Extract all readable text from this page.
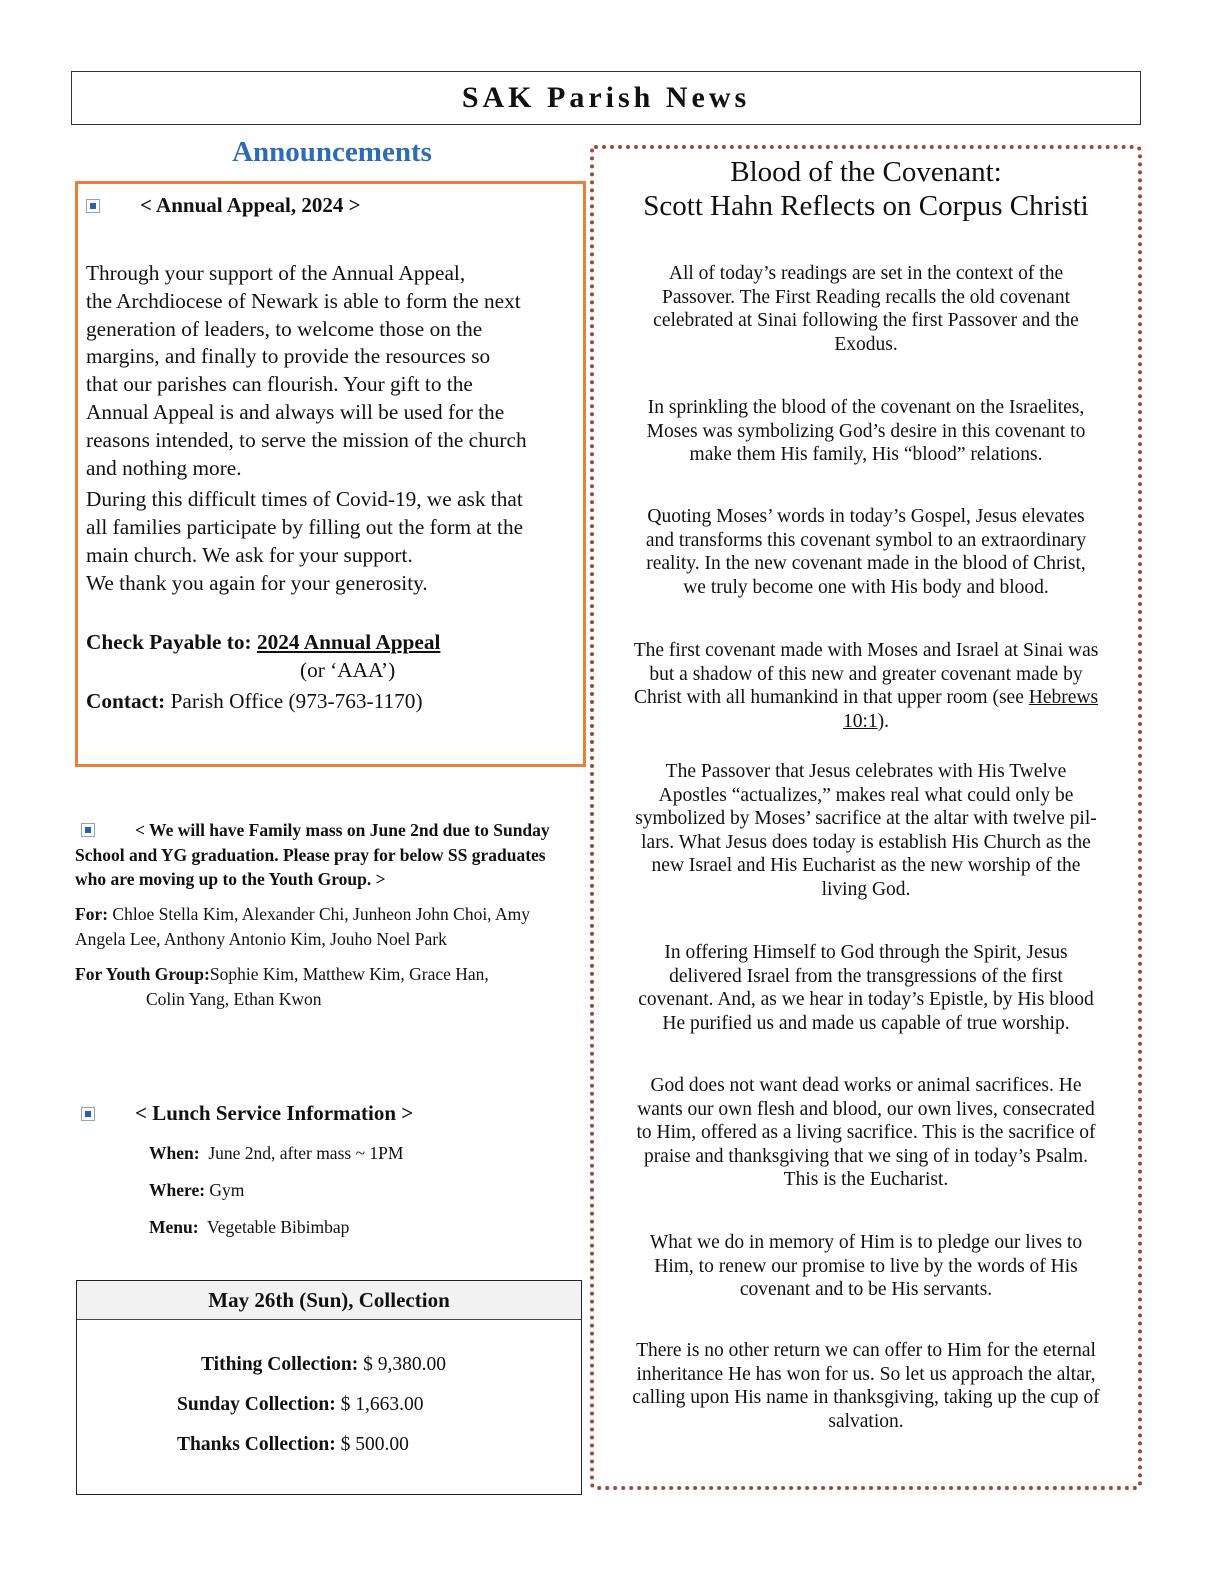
SAK Parish News
Announcements
< Annual Appeal, 2024 >

Through your support of the Annual Appeal,
the Archdiocese of Newark is able to form the next
generation of leaders, to welcome those on the
margins, and finally to provide the resources so
that our parishes can flourish. Your gift to the
Annual Appeal is and always will be used for the
reasons intended, to serve the mission of the church
and nothing more.

During this difficult times of Covid-19, we ask that
all families participate by filling out the form at the
main church. We ask for your support.
We thank you again for your generosity.

Check Payable to: 2024 Annual Appeal
(or ‘AAA’)
Contact: Parish Office (973-763-1170)
< We will have Family mass on June 2nd due to Sunday School and YG graduation. Please pray for below SS graduates who are moving up to the Youth Group. >
For: Chloe Stella Kim, Alexander Chi, Junheon John Choi, Amy Angela Lee, Anthony Antonio Kim, Jouho Noel Park
For Youth Group:Sophie Kim, Matthew Kim, Grace Han,
Colin Yang, Ethan Kwon
< Lunch Service Information >
When: June 2nd, after mass ~ 1PM
Where: Gym
Menu: Vegetable Bibimbap
May 26th (Sun), Collection
Tithing Collection: $ 9,380.00
Sunday Collection: $ 1,663.00
Thanks Collection: $ 500.00
Blood of the Covenant:
Scott Hahn Reflects on Corpus Christi
All of today’s readings are set in the context of the
Passover. The First Reading recalls the old covenant
celebrated at Sinai following the first Passover and the
Exodus.
In sprinkling the blood of the covenant on the Israelites,
Moses was symbolizing God’s desire in this covenant to
make them His family, His “blood” relations.
Quoting Moses’ words in today’s Gospel, Jesus elevates
and transforms this covenant symbol to an extraordinary
reality. In the new covenant made in the blood of Christ,
we truly become one with His body and blood.
The first covenant made with Moses and Israel at Sinai was
but a shadow of this new and greater covenant made by
Christ with all humankind in that upper room (see Hebrews
10:1).
The Passover that Jesus celebrates with His Twelve
Apostles “actualizes,” makes real what could only be
symbolized by Moses’ sacrifice at the altar with twelve pil-
lars. What Jesus does today is establish His Church as the
new Israel and His Eucharist as the new worship of the
living God.
In offering Himself to God through the Spirit, Jesus
delivered Israel from the transgressions of the first
covenant. And, as we hear in today’s Epistle, by His blood
He purified us and made us capable of true worship.
God does not want dead works or animal sacrifices. He
wants our own flesh and blood, our own lives, consecrated
to Him, offered as a living sacrifice. This is the sacrifice of
praise and thanksgiving that we sing of in today’s Psalm.
This is the Eucharist.
What we do in memory of Him is to pledge our lives to
Him, to renew our promise to live by the words of His
covenant and to be His servants.
There is no other return we can offer to Him for the eternal
inheritance He has won for us. So let us approach the altar,
calling upon His name in thanksgiving, taking up the cup of
salvation.
